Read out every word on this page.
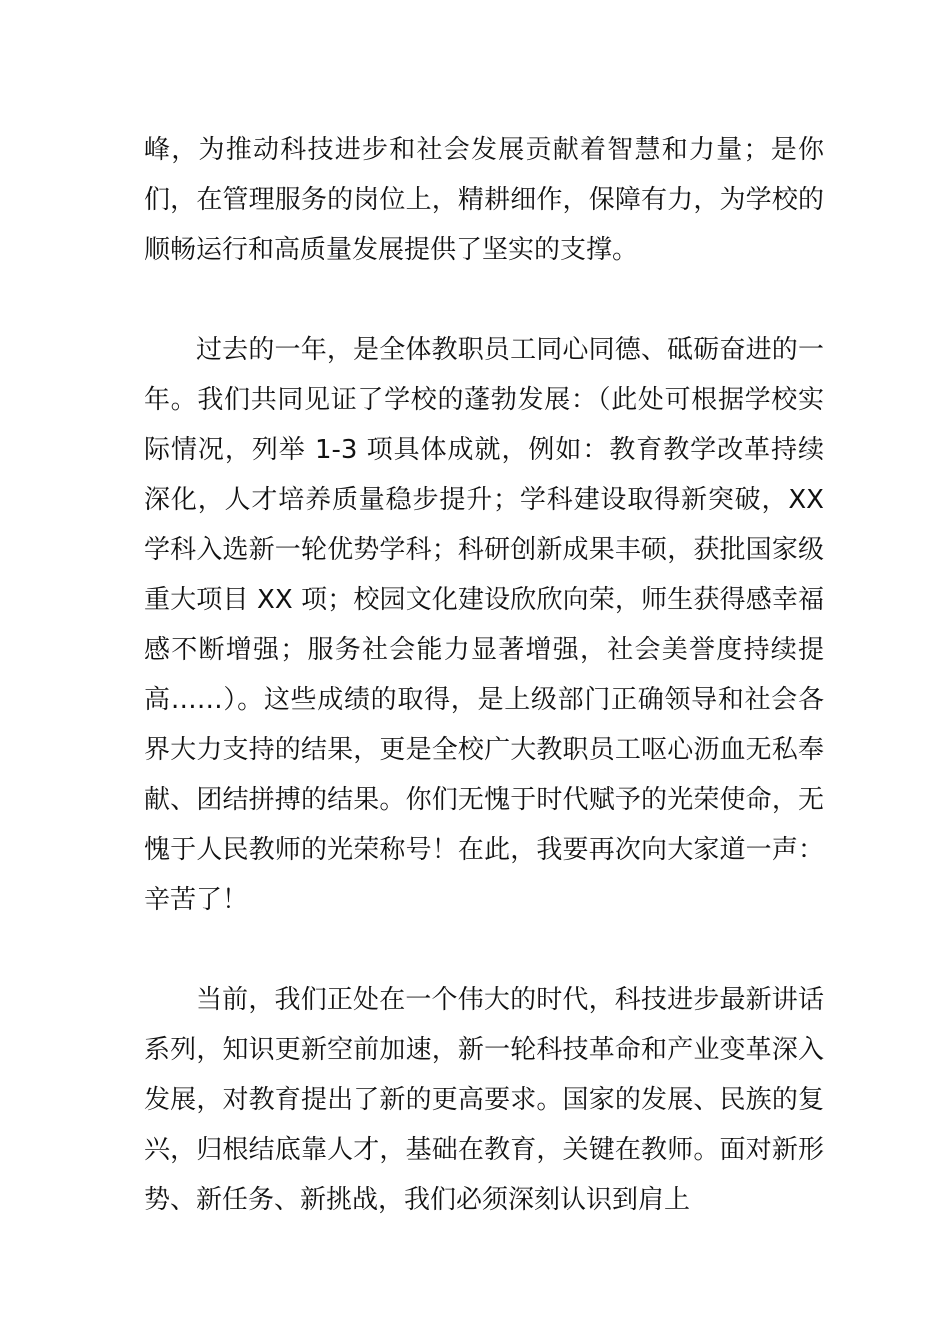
峰，为推动科技进步和社会发展贡献着智慧和力量；是你们，在管理服务的岗位上，精耕细作，保障有力，为学校的顺畅运行和高质量发展提供了坚实的支撑。

过去的一年，是全体教职员工同心同德、砥砺奋进的一年。我们共同见证了学校的蓬勃发展：（此处可根据学校实际情况，列举 1-3 项具体成就，例如：教育教学改革持续深化，人才培养质量稳步提升；学科建设取得新突破，XX 学科入选新一轮优势学科；科研创新成果丰硕，获批国家级重大项目 XX 项；校园文化建设欣欣向荣，师生获得感幸福感不断增强；服务社会能力显著增强，社会美誉度持续提高……）。这些成绩的取得，是上级部门正确领导和社会各界大力支持的结果，更是全校广大教职员工呕心沥血无私奉献、团结拼搏的结果。你们无愧于时代赋予的光荣使命，无愧于人民教师的光荣称号！在此，我要再次向大家道一声：辛苦了！

当前，我们正处在一个伟大的时代，科技进步最新讲话系列，知识更新空前加速，新一轮科技革命和产业变革深入发展，对教育提出了新的更高要求。国家的发展、民族的复兴，归根结底靠人才，基础在教育，关键在教师。面对新形势、新任务、新挑战，我们必须深刻认识到肩上
